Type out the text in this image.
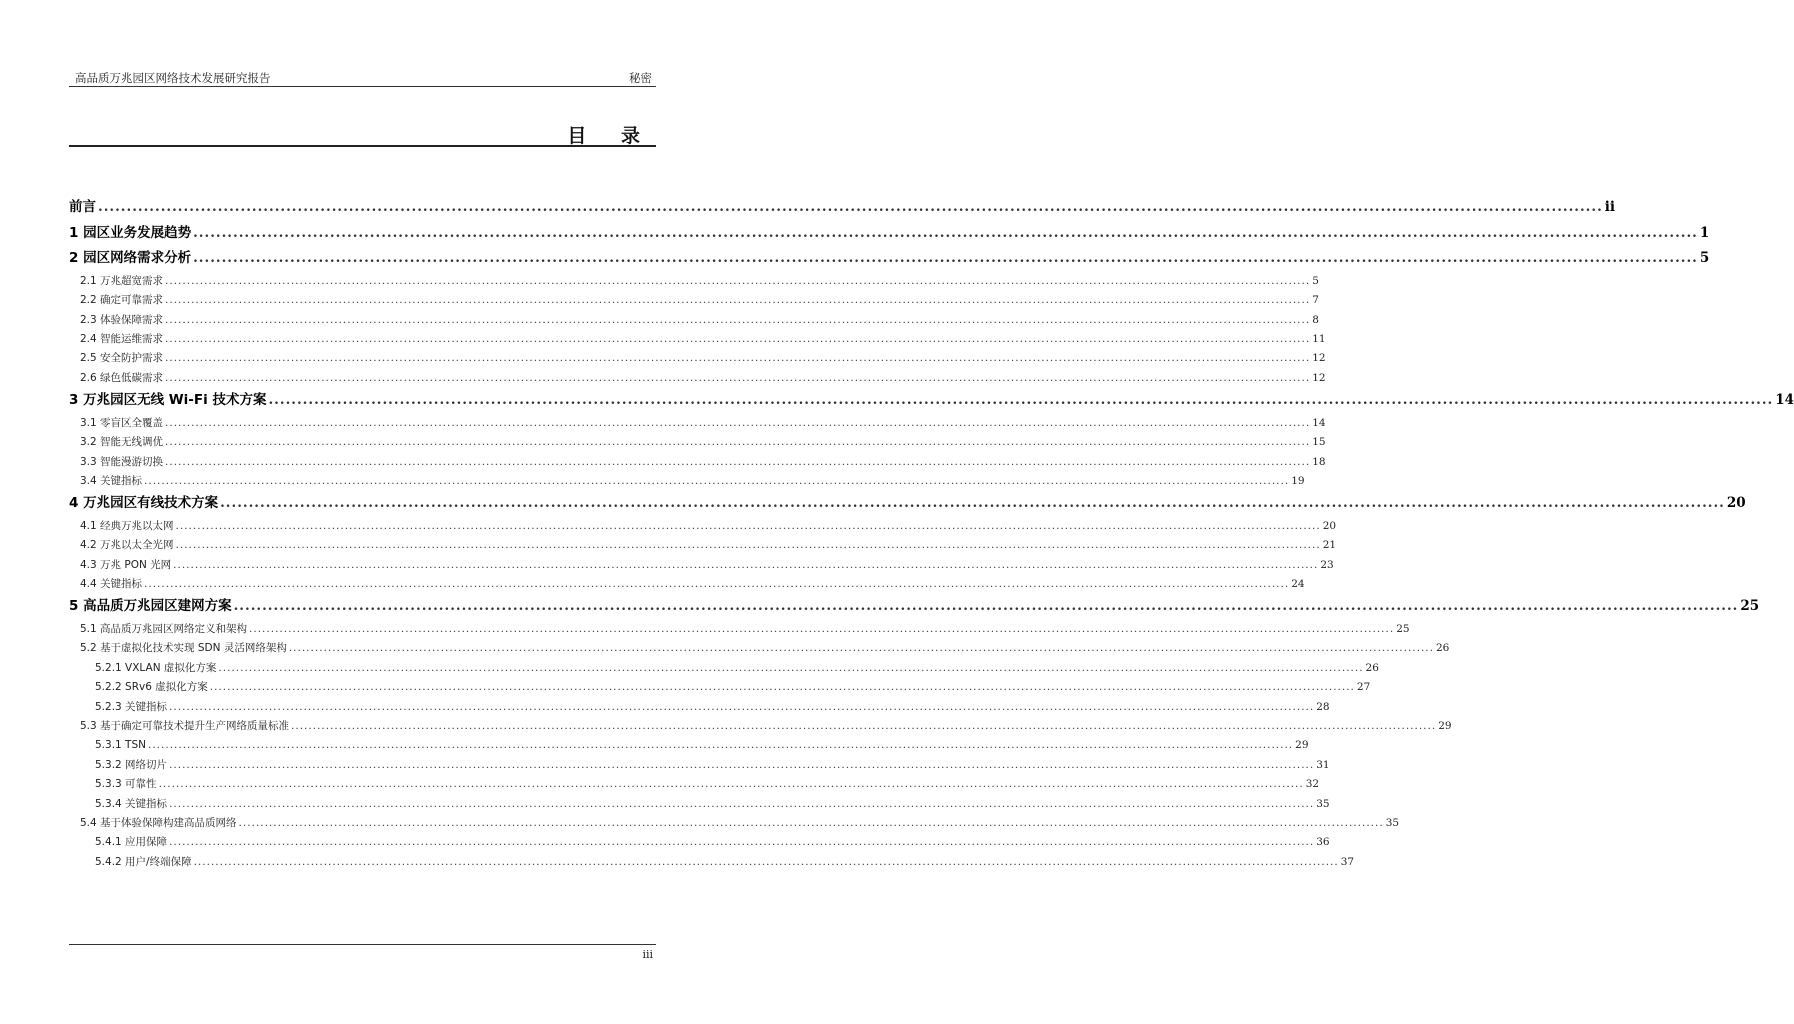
高品质万兆园区网络技术发展研究报告	秘密
目 录
前言 ........................................................................................................................................................................................................................................................................ ii
1 园区业务发展趋势 ........................................................................................................................................................................................................................................................................ 1
2 园区网络需求分析 ........................................................................................................................................................................................................................................................................ 5
2.1 万兆超宽需求 ........................................................................................................................................................................................................................................................................ 5
2.2 确定可靠需求 ........................................................................................................................................................................................................................................................................ 7
2.3 体验保障需求 ........................................................................................................................................................................................................................................................................ 8
2.4 智能运维需求 ........................................................................................................................................................................................................................................................................ 11
2.5 安全防护需求 ........................................................................................................................................................................................................................................................................ 12
2.6 绿色低碳需求 ........................................................................................................................................................................................................................................................................ 12
3 万兆园区无线 Wi-Fi 技术方案 ........................................................................................................................................................................................................................................................................ 14
3.1 零盲区全覆盖 ........................................................................................................................................................................................................................................................................ 14
3.2 智能无线调优 ........................................................................................................................................................................................................................................................................ 15
3.3 智能漫游切换 ........................................................................................................................................................................................................................................................................ 18
3.4 关键指标 ........................................................................................................................................................................................................................................................................ 19
4 万兆园区有线技术方案 ........................................................................................................................................................................................................................................................................ 20
4.1 经典万兆以太网 ........................................................................................................................................................................................................................................................................ 20
4.2 万兆以太全光网 ........................................................................................................................................................................................................................................................................ 21
4.3 万兆 PON 光网 ........................................................................................................................................................................................................................................................................ 23
4.4 关键指标 ........................................................................................................................................................................................................................................................................ 24
5 高品质万兆园区建网方案 ........................................................................................................................................................................................................................................................................ 25
5.1 高品质万兆园区网络定义和架构 ........................................................................................................................................................................................................................................................................ 25
5.2 基于虚拟化技术实现 SDN 灵活网络架构 ........................................................................................................................................................................................................................................................................ 26
5.2.1 VXLAN 虚拟化方案 ........................................................................................................................................................................................................................................................................ 26
5.2.2 SRv6 虚拟化方案 ........................................................................................................................................................................................................................................................................ 27
5.2.3 关键指标 ........................................................................................................................................................................................................................................................................ 28
5.3 基于确定可靠技术提升生产网络质量标准 ........................................................................................................................................................................................................................................................................ 29
5.3.1 TSN ........................................................................................................................................................................................................................................................................ 29
5.3.2 网络切片 ........................................................................................................................................................................................................................................................................ 31
5.3.3 可靠性 ........................................................................................................................................................................................................................................................................ 32
5.3.4 关键指标 ........................................................................................................................................................................................................................................................................ 35
5.4 基于体验保障构建高品质网络 ........................................................................................................................................................................................................................................................................ 35
5.4.1 应用保障 ........................................................................................................................................................................................................................................................................ 36
5.4.2 用户/终端保障 ........................................................................................................................................................................................................................................................................ 37
iii
